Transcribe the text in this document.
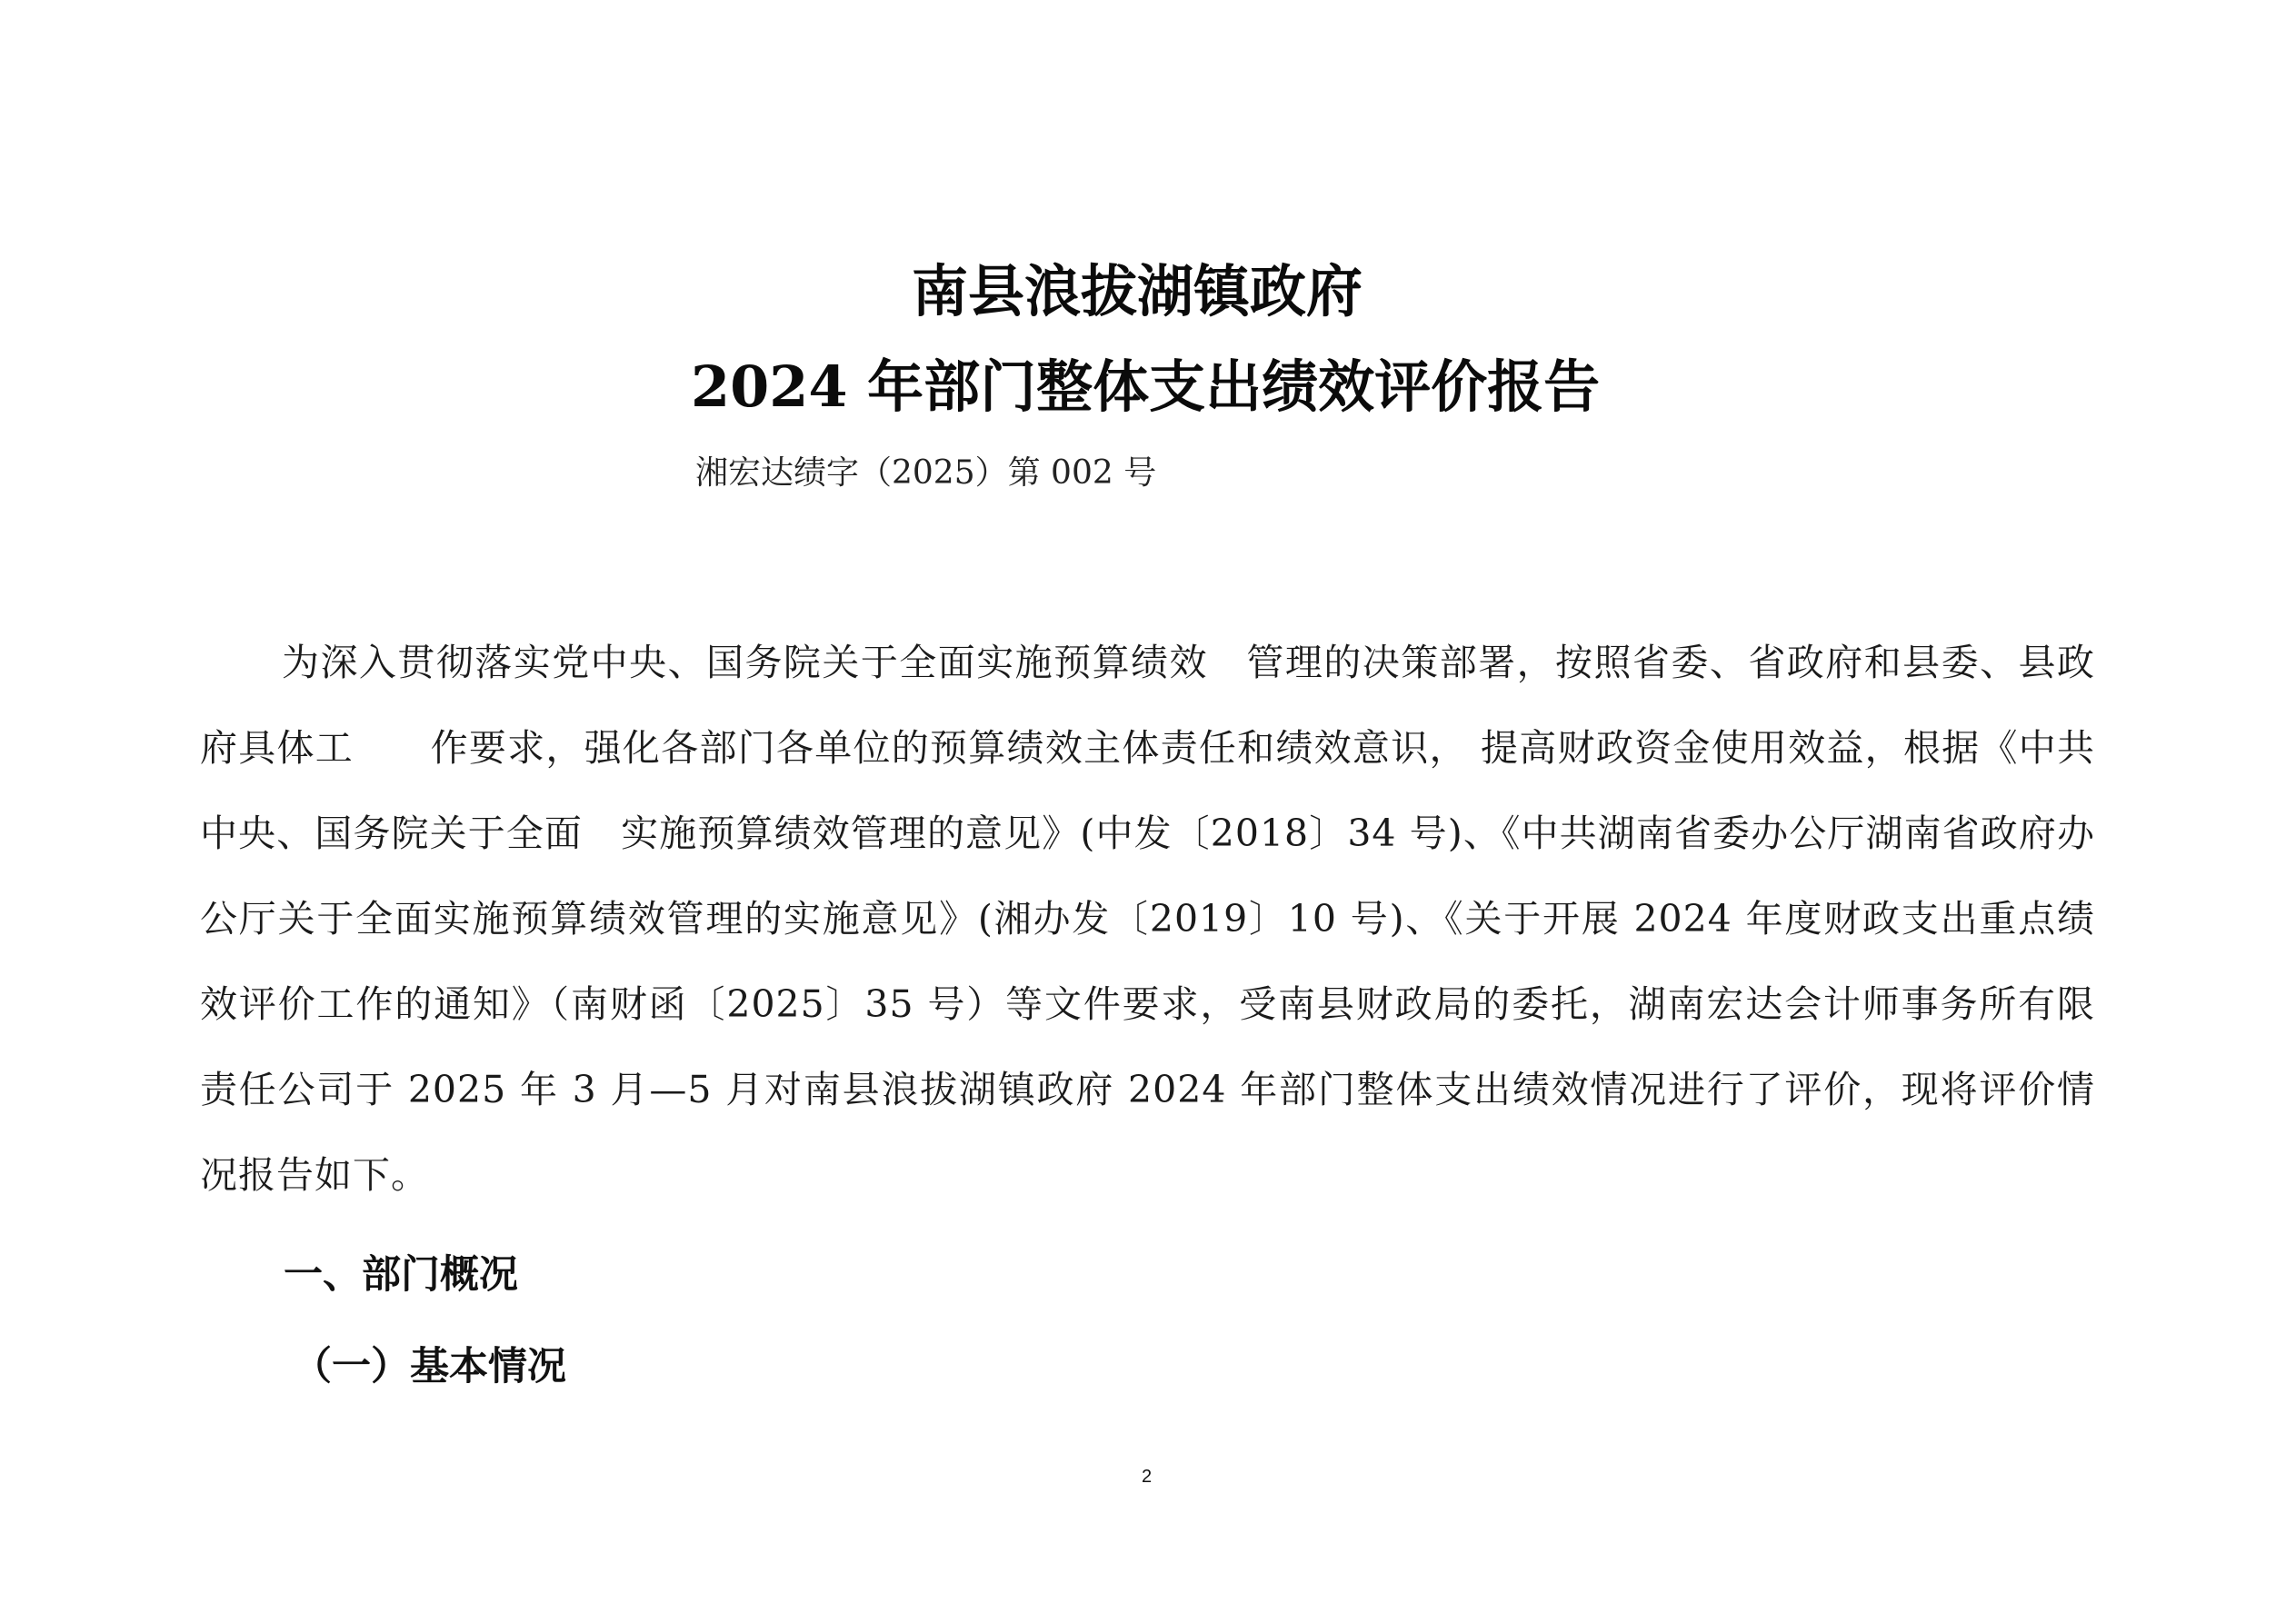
南县浪拔湖镇政府
2024 年部门整体支出绩效评价报告
湘宏达绩字（2025）第 002 号

为深入贯彻落实党中央、国务院关于全面实施预算绩效　管理的决策部署，按照省委、省政府和县委、县政府具体工　　作要求，强化各部门各单位的预算绩效主体责任和绩效意识， 提高财政资金使用效益，根据《中共中央、国务院关于全面　实施预算绩效管理的意见》(中发〔2018〕34 号)、《中共湖南省委办公厅湖南省政府办公厅关于全面实施预算绩效管理的实施意见》(湘办发〔2019〕10 号)、《关于开展 2024 年度财政支出重点绩效评价工作的通知》（南财函〔2025〕35 号）等文件要求，受南县财政局的委托，湖南宏达会计师事务所有限责任公司于 2025 年 3 月—5 月对南县浪拔湖镇政府 2024 年部门整体支出绩效情况进行了评价，现将评价情况报告如下。

一、部门概况
（一）基本情况
2
